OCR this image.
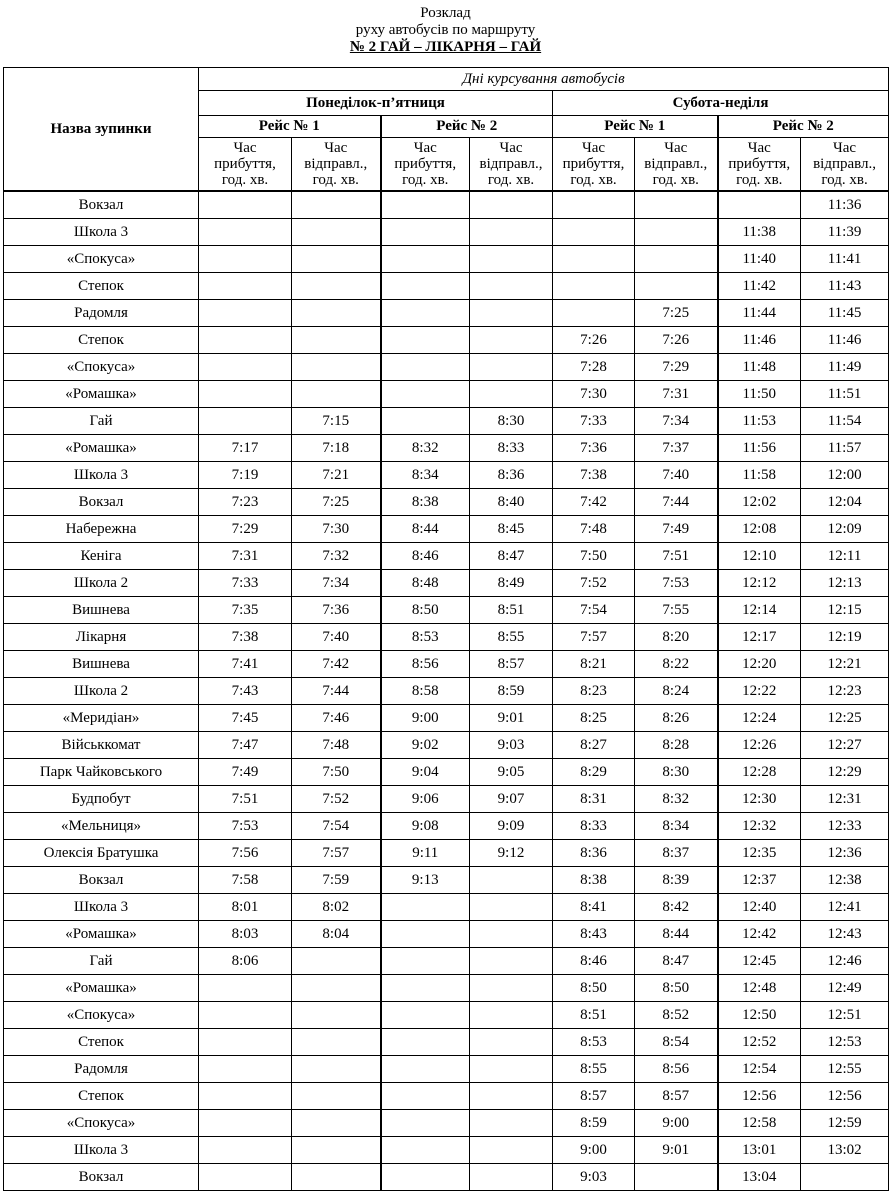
Розклад
руху автобусів по маршруту
№ 2 ГАЙ – ЛІКАРНЯ – ГАЙ
Назва зупинки	Дні курсування автобусів							
	Понеділок-п’ятниця				Субота-неділя			
	Рейс № 1		Рейс № 2		Рейс № 1		Рейс № 2	
	Час
прибуття,
год. хв.	Час
відправл.,
год. хв.	Час
прибуття,
год. хв.	Час
відправл.,
год. хв.	Час
прибуття,
год. хв.	Час
відправл.,
год. хв.	Час
прибуття,
год. хв.	Час
відправл.,
год. хв.
Вокзал								11:36
Школа 3							11:38	11:39
«Спокуса»							11:40	11:41
Степок							11:42	11:43
Радомля						7:25	11:44	11:45
Степок					7:26	7:26	11:46	11:46
«Спокуса»					7:28	7:29	11:48	11:49
«Ромашка»					7:30	7:31	11:50	11:51
Гай		7:15		8:30	7:33	7:34	11:53	11:54
«Ромашка»	7:17	7:18	8:32	8:33	7:36	7:37	11:56	11:57
Школа 3	7:19	7:21	8:34	8:36	7:38	7:40	11:58	12:00
Вокзал	7:23	7:25	8:38	8:40	7:42	7:44	12:02	12:04
Набережна	7:29	7:30	8:44	8:45	7:48	7:49	12:08	12:09
Кеніга	7:31	7:32	8:46	8:47	7:50	7:51	12:10	12:11
Школа 2	7:33	7:34	8:48	8:49	7:52	7:53	12:12	12:13
Вишнева	7:35	7:36	8:50	8:51	7:54	7:55	12:14	12:15
Лікарня	7:38	7:40	8:53	8:55	7:57	8:20	12:17	12:19
Вишнева	7:41	7:42	8:56	8:57	8:21	8:22	12:20	12:21
Школа 2	7:43	7:44	8:58	8:59	8:23	8:24	12:22	12:23
«Меридіан»	7:45	7:46	9:00	9:01	8:25	8:26	12:24	12:25
Військкомат	7:47	7:48	9:02	9:03	8:27	8:28	12:26	12:27
Парк Чайковського	7:49	7:50	9:04	9:05	8:29	8:30	12:28	12:29
Будпобут	7:51	7:52	9:06	9:07	8:31	8:32	12:30	12:31
«Мельниця»	7:53	7:54	9:08	9:09	8:33	8:34	12:32	12:33
Олексія Братушка	7:56	7:57	9:11	9:12	8:36	8:37	12:35	12:36
Вокзал	7:58	7:59	9:13		8:38	8:39	12:37	12:38
Школа 3	8:01	8:02			8:41	8:42	12:40	12:41
«Ромашка»	8:03	8:04			8:43	8:44	12:42	12:43
Гай	8:06				8:46	8:47	12:45	12:46
«Ромашка»					8:50	8:50	12:48	12:49
«Спокуса»					8:51	8:52	12:50	12:51
Степок					8:53	8:54	12:52	12:53
Радомля					8:55	8:56	12:54	12:55
Степок					8:57	8:57	12:56	12:56
«Спокуса»					8:59	9:00	12:58	12:59
Школа 3					9:00	9:01	13:01	13:02
Вокзал					9:03		13:04	
